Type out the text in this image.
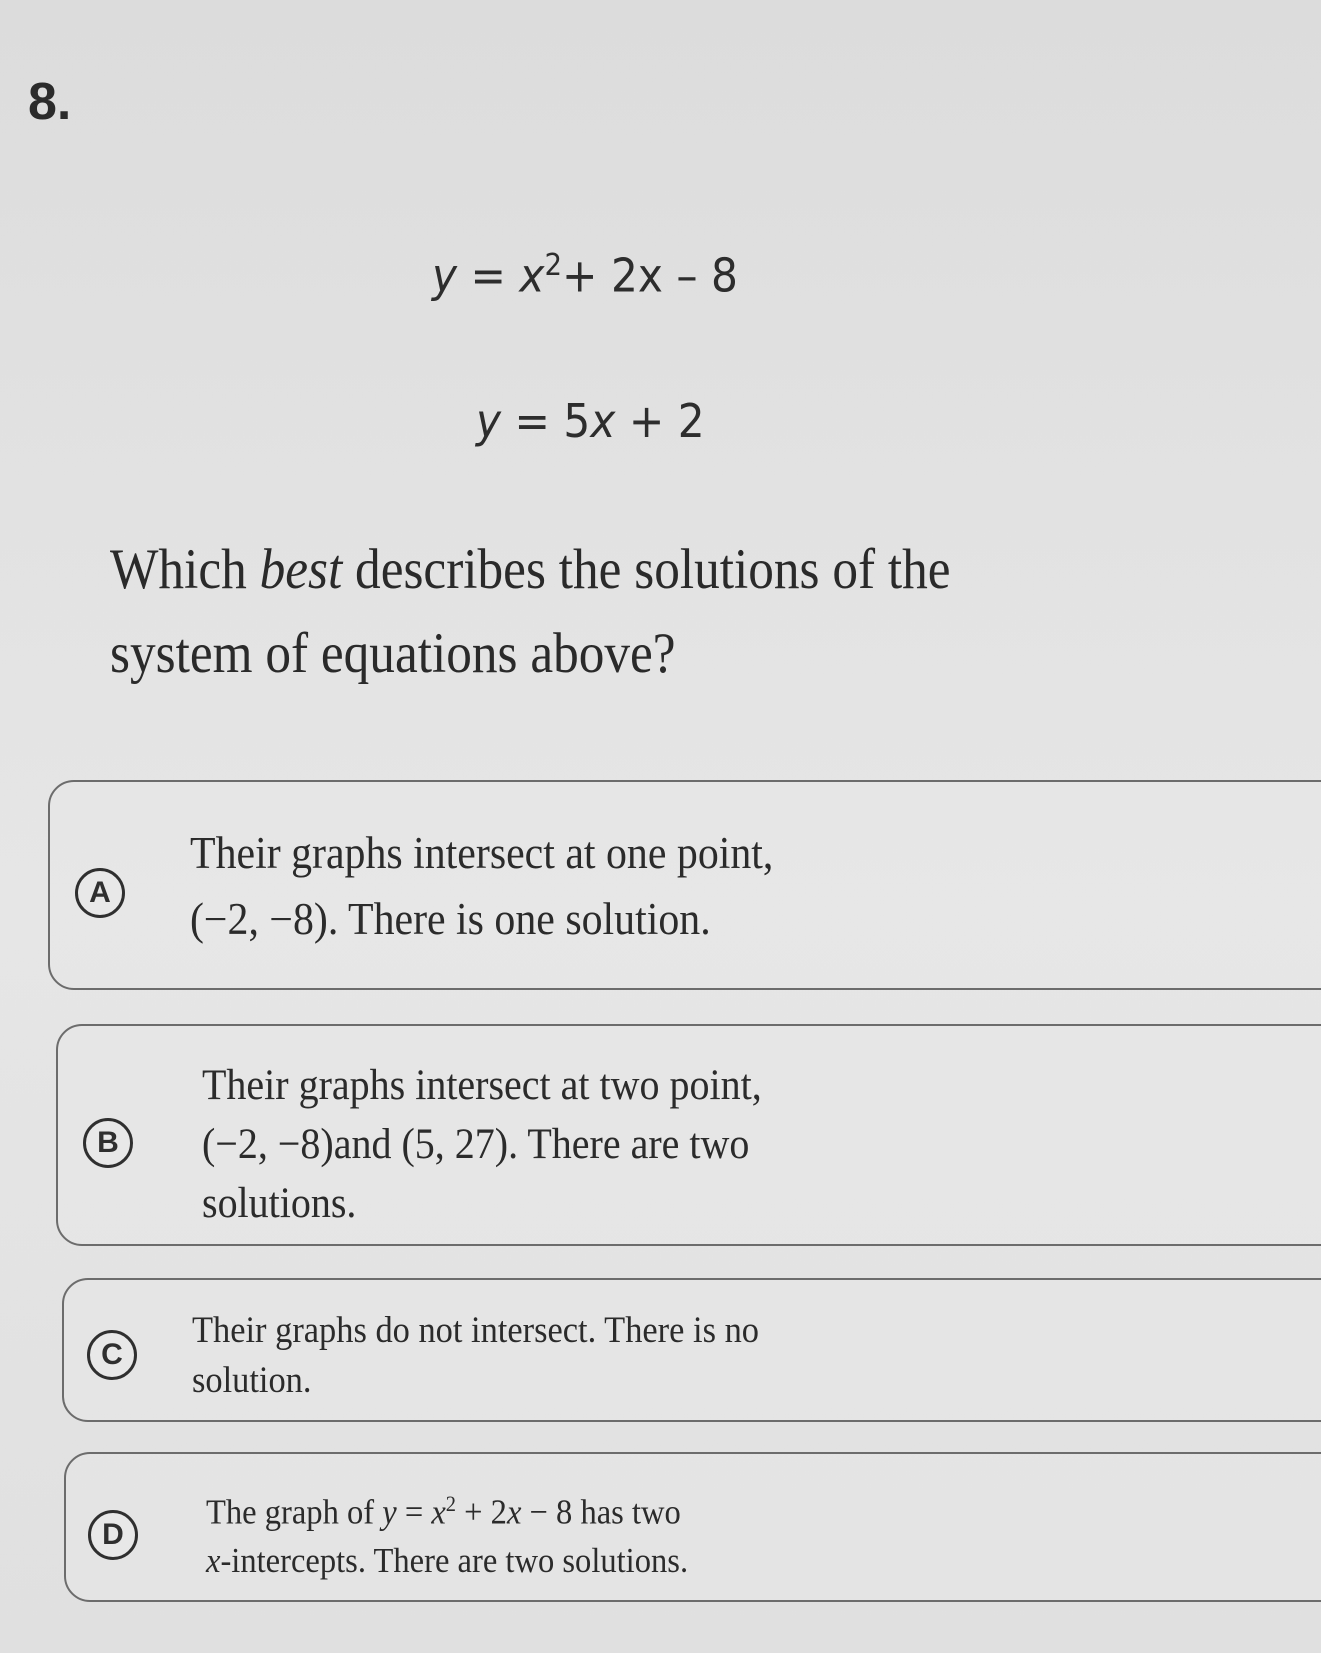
8.
$y = x^2+ 2x - 8$
y = 5x + 2
Which best describes the solutions of the
system of equations above?
A
Their graphs intersect at one point,
(−2, −8). There is one solution.
B
Their graphs intersect at two point,
(−2, −8)and (5, 27). There are two
solutions.
C
Their graphs do not intersect. There is no
solution.
D
The graph of $y = x^2 + 2x - 8$ has two
x-intercepts. There are two solutions.
